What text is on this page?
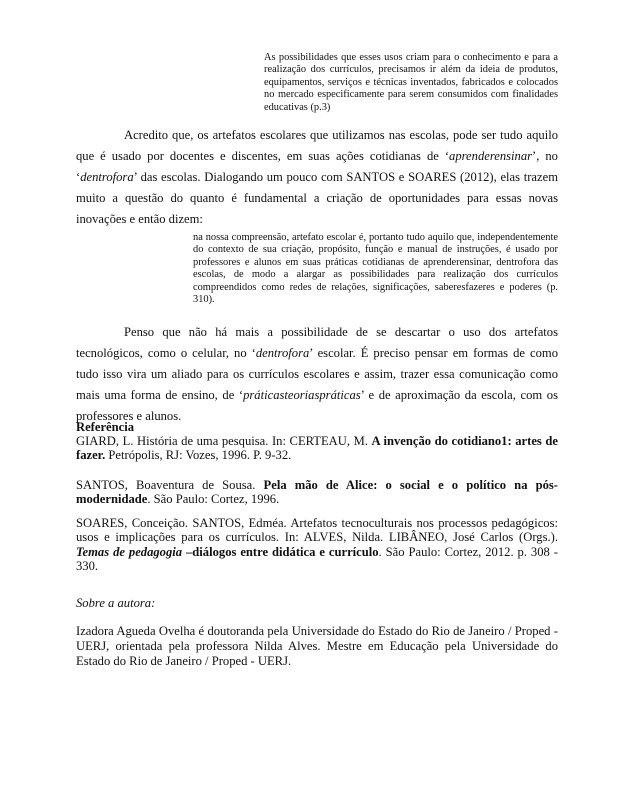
As possibilidades que esses usos criam para o conhecimento e para a realização dos currículos, precisamos ir além da ideia de produtos, equipamentos, serviços e técnicas inventados, fabricados e colocados no mercado especificamente para serem consumidos com finalidades educativas (p.3)
Acredito que, os artefatos escolares que utilizamos nas escolas, pode ser tudo aquilo que é usado por docentes e discentes, em suas ações cotidianas de ‘aprenderensinar’, no ‘dentrofora’ das escolas. Dialogando um pouco com SANTOS e SOARES (2012), elas trazem muito a questão do quanto é fundamental a criação de oportunidades para essas novas inovações e então dizem:
na nossa compreensão, artefato escolar é, portanto tudo aquilo que, independentemente do contexto de sua criação, propósito, função e manual de instruções, é usado por professores e alunos em suas práticas cotidianas de aprenderensinar, dentrofora das escolas, de modo a alargar as possibilidades para realização dos currículos compreendidos como redes de relações, significações, saberesfazeres e poderes (p. 310).
Penso que não há mais a possibilidade de se descartar o uso dos artefatos tecnológicos, como o celular, no ‘dentrofora’ escolar. É preciso pensar em formas de como tudo isso vira um aliado para os currículos escolares e assim, trazer essa comunicação como mais uma forma de ensino, de ‘práticasteoriaspráticas’ e de aproximação da escola, com os professores e alunos.
Referência
GIARD, L. História de uma pesquisa. In: CERTEAU, M. A invenção do cotidiano1: artes de fazer. Petrópolis, RJ: Vozes, 1996. P. 9-32.
SANTOS, Boaventura de Sousa. Pela mão de Alice: o social e o político na pós-modernidade. São Paulo: Cortez, 1996.
SOARES, Conceição. SANTOS, Edméa. Artefatos tecnoculturais nos processos pedagógicos: usos e implicações para os currículos. In: ALVES, Nilda. LIBÂNEO, José Carlos (Orgs.). Temas de pedagogia –diálogos entre didática e currículo. São Paulo: Cortez, 2012. p. 308 - 330.
Sobre a autora:
Izadora Agueda Ovelha é doutoranda pela Universidade do Estado do Rio de Janeiro / Proped - UERJ, orientada pela professora Nilda Alves. Mestre em Educação pela Universidade do Estado do Rio de Janeiro / Proped - UERJ.
